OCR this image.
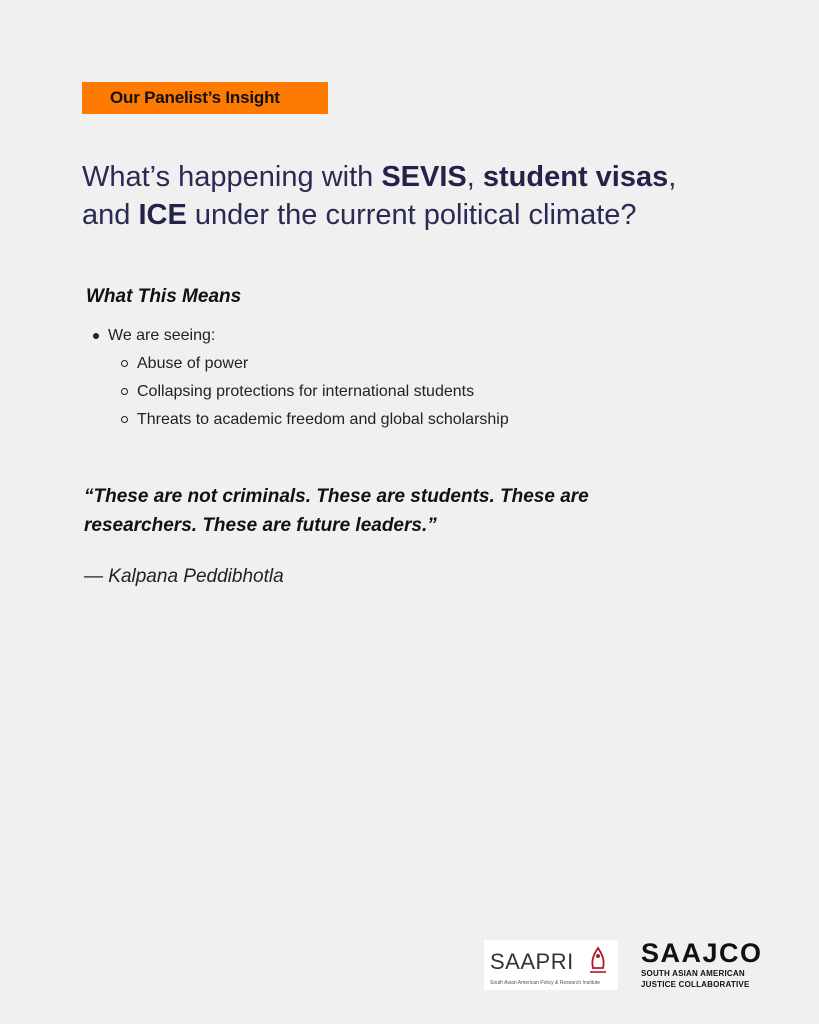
Our Panelist’s Insight
What’s happening with SEVIS, student visas,
and ICE under the current political climate?
What This Means
We are seeing:
Abuse of power
Collapsing protections for international students
Threats to academic freedom and global scholarship
“These are not criminals. These are students. These are
researchers. These are future leaders.”
— Kalpana Peddibhotla
SAAPRI
South Asian American Policy & Research Institute
SAAJCO
SOUTH ASIAN AMERICAN
JUSTICE COLLABORATIVE
